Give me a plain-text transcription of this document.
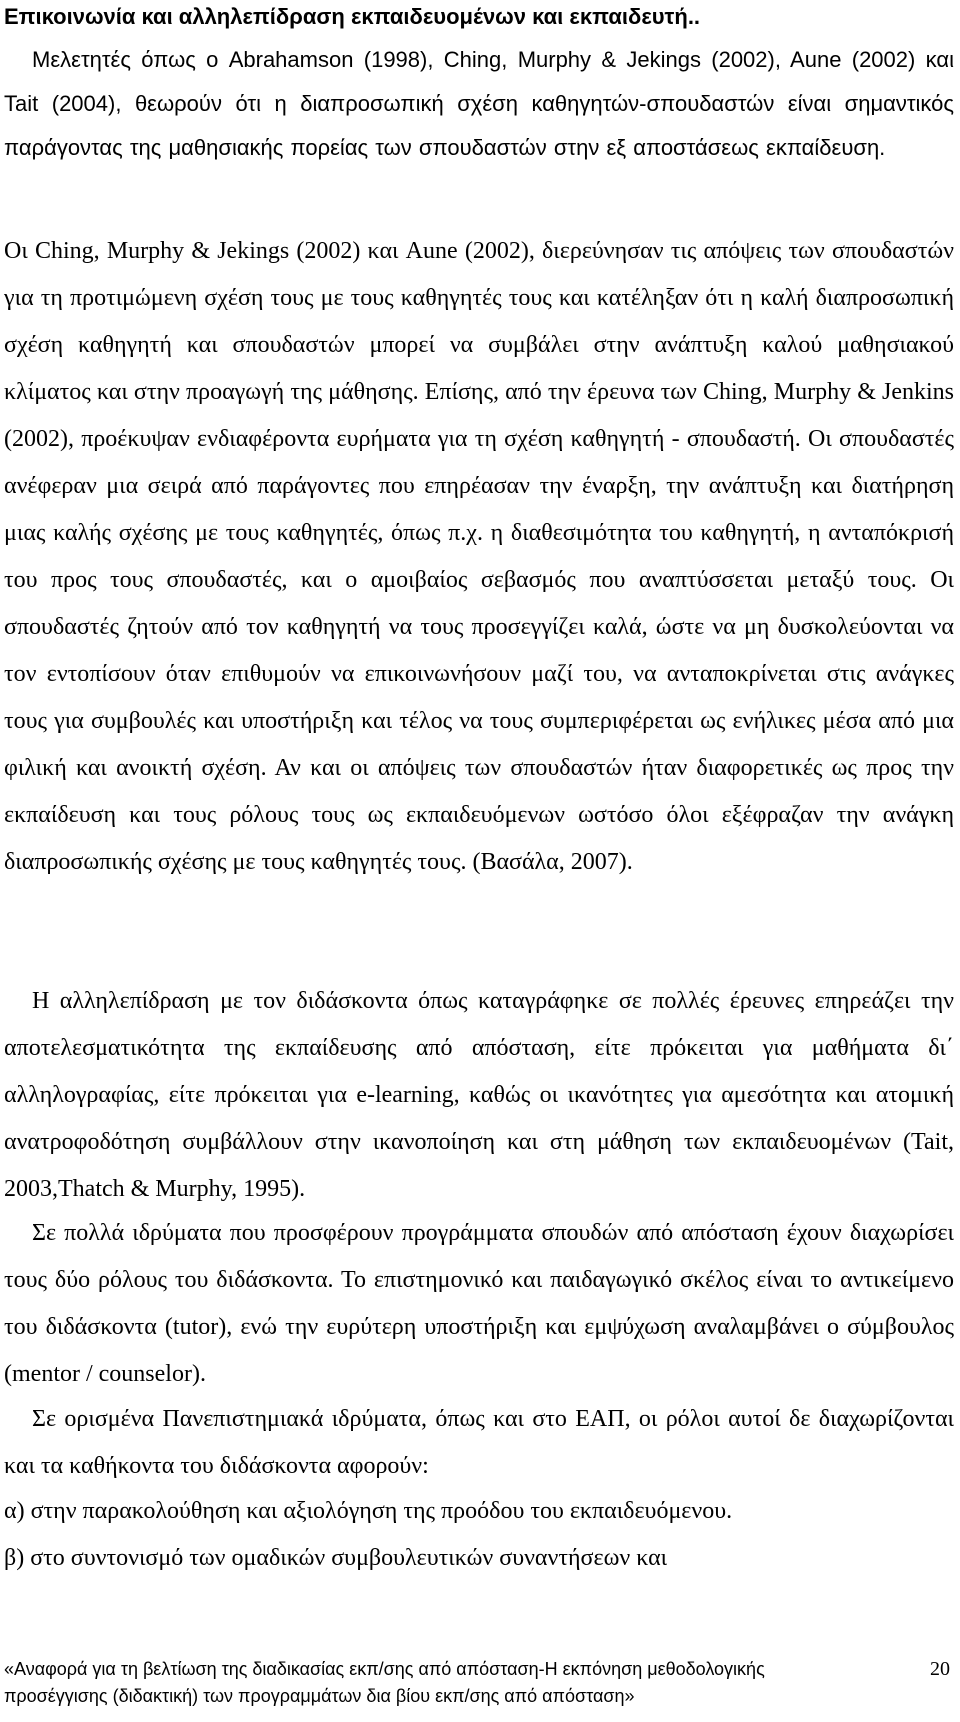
Επικοινωνία και αλληλεπίδραση εκπαιδευομένων και εκπαιδευτή..
Μελετητές όπως ο Abrahamson (1998), Ching, Murphy & Jekings (2002), Aune (2002) και Tait (2004), θεωρούν ότι η διαπροσωπική σχέση καθηγητών-σπουδαστών είναι σημαντικός παράγοντας της μαθησιακής πορείας των σπουδαστών στην εξ αποστάσεως εκπαίδευση.
Οι Ching, Murphy & Jekings (2002) και Aune (2002), διερεύνησαν τις απόψεις των σπουδαστών για τη προτιμώμενη σχέση τους με τους καθηγητές τους και κατέληξαν ότι η καλή διαπροσωπική σχέση καθηγητή και σπουδαστών μπορεί να συμβάλει στην ανάπτυξη καλού μαθησιακού κλίματος και στην προαγωγή της μάθησης. Επίσης, από την έρευνα των Ching, Murphy & Jenkins (2002), προέκυψαν ενδιαφέροντα ευρήματα για τη σχέση καθηγητή - σπουδαστή. Οι σπουδαστές ανέφεραν μια σειρά από παράγοντες που επηρέασαν την έναρξη, την ανάπτυξη και διατήρηση μιας καλής σχέσης με τους καθηγητές, όπως π.χ. η διαθεσιμότητα του καθηγητή, η ανταπόκρισή του προς τους σπουδαστές, και ο αμοιβαίος σεβασμός που αναπτύσσεται μεταξύ τους. Οι σπουδαστές ζητούν από τον καθηγητή να τους προσεγγίζει καλά, ώστε να μη δυσκολεύονται να τον εντοπίσουν όταν επιθυμούν να επικοινωνήσουν μαζί του, να ανταποκρίνεται στις ανάγκες τους για συμβουλές και υποστήριξη και τέλος να τους συμπεριφέρεται ως ενήλικες μέσα από μια φιλική και ανοικτή σχέση. Αν και οι απόψεις των σπουδαστών ήταν διαφορετικές ως προς την εκπαίδευση και τους ρόλους τους ως εκπαιδευόμενων ωστόσο όλοι εξέφραζαν την ανάγκη διαπροσωπικής σχέσης με τους καθηγητές τους. (Βασάλα, 2007).
Η αλληλεπίδραση με τον διδάσκοντα όπως καταγράφηκε σε πολλές έρευνες επηρεάζει την αποτελεσματικότητα της εκπαίδευσης από απόσταση, είτε πρόκειται για μαθήματα δι΄ αλληλογραφίας, είτε πρόκειται για e-learning, καθώς οι ικανότητες για αμεσότητα και ατομική ανατροφοδότηση συμβάλλουν στην ικανοποίηση και στη μάθηση των εκπαιδευομένων (Tait, 2003,Thatch & Murphy, 1995).
Σε πολλά ιδρύματα που προσφέρουν προγράμματα σπουδών από απόσταση έχουν διαχωρίσει τους δύο ρόλους του διδάσκοντα. Το επιστημονικό και παιδαγωγικό σκέλος είναι το αντικείμενο του διδάσκοντα (tutor), ενώ την ευρύτερη υποστήριξη και εμψύχωση αναλαμβάνει ο σύμβουλος (mentor / counselor).
Σε ορισμένα Πανεπιστημιακά ιδρύματα, όπως και στο ΕΑΠ, οι ρόλοι αυτοί δε διαχωρίζονται και τα καθήκοντα του διδάσκοντα αφορούν:
α) στην παρακολούθηση και αξιολόγηση της προόδου του εκπαιδευόμενου.
β) στο συντονισμό των ομαδικών συμβουλευτικών συναντήσεων και
«Αναφορά για τη βελτίωση της διαδικασίας εκπ/σης από απόσταση-Η εκπόνηση μεθοδολογικής
προσέγγισης (διδακτική) των προγραμμάτων δια βίου εκπ/σης από απόσταση»
20
